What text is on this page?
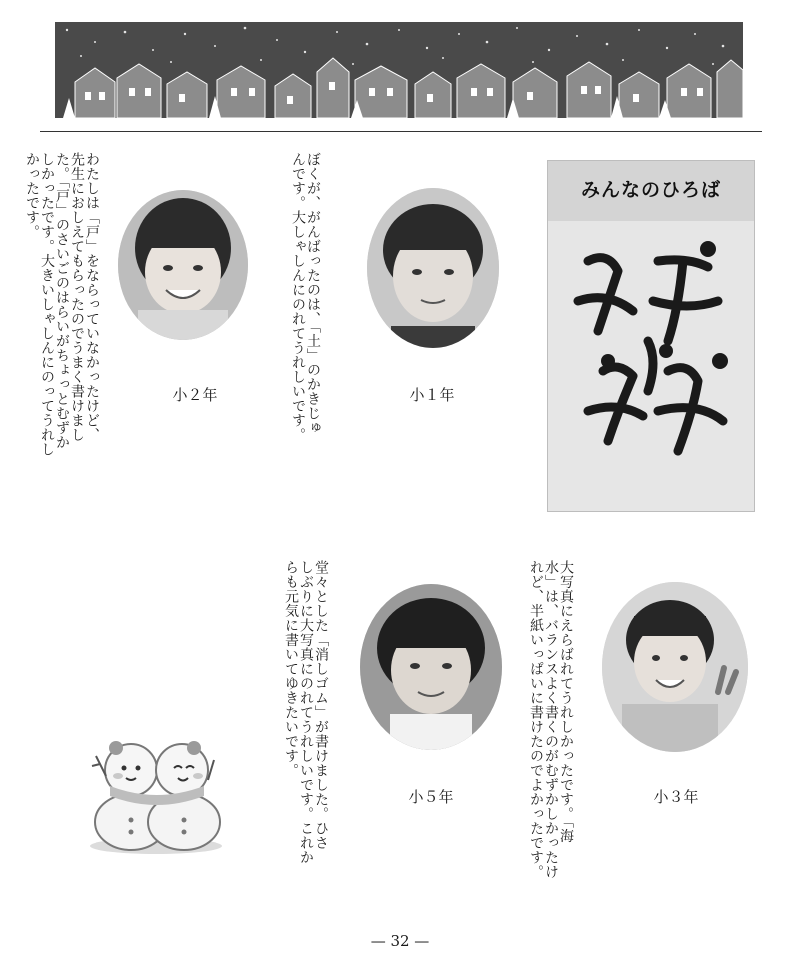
みんなのひろば
わたしは「戸」をならっていなかったけど、
先生におしえてもらったのでうまく書けまし
た。「戸」のさいごのはらいがちょっとむずか
しかったです。大きいしゃしんにのってうれし
かったです。
小２年	ぼくが、がんばったのは、「土」のかきじゅ
んです。大しゃしんにのれてうれしいです。	小１年
堂々とした「消しゴム」が書けました。ひさ
しぶりに大写真にのれてうれしいです。これか
らも元気に書いてゆきたいです。
小５年	大写真にえらばれてうれしかったです。「海
水」は、バランスよく書くのがむずかしかったけ
れど、半紙いっぱいに書けたのでよかったです。	小３年
— 32 —
